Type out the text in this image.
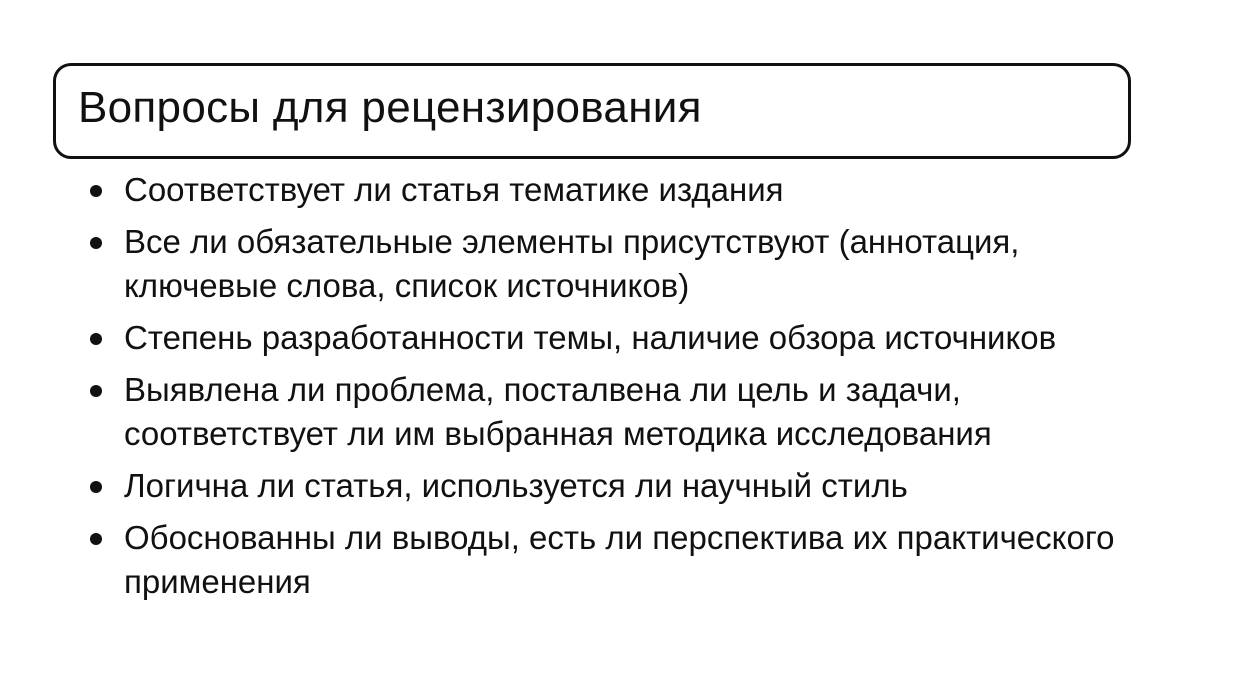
Вопросы для рецензирования
Соответствует ли статья тематике издания
Все ли обязательные элементы присутствуют (аннотация, ключевые слова, список источников)
Степень разработанности темы, наличие обзора источников
Выявлена ли проблема, посталвена ли цель и задачи, соответствует ли им выбранная методика исследования
Логична ли статья, используется ли научный стиль
Обоснованны ли выводы, есть ли перспектива их практического применения
